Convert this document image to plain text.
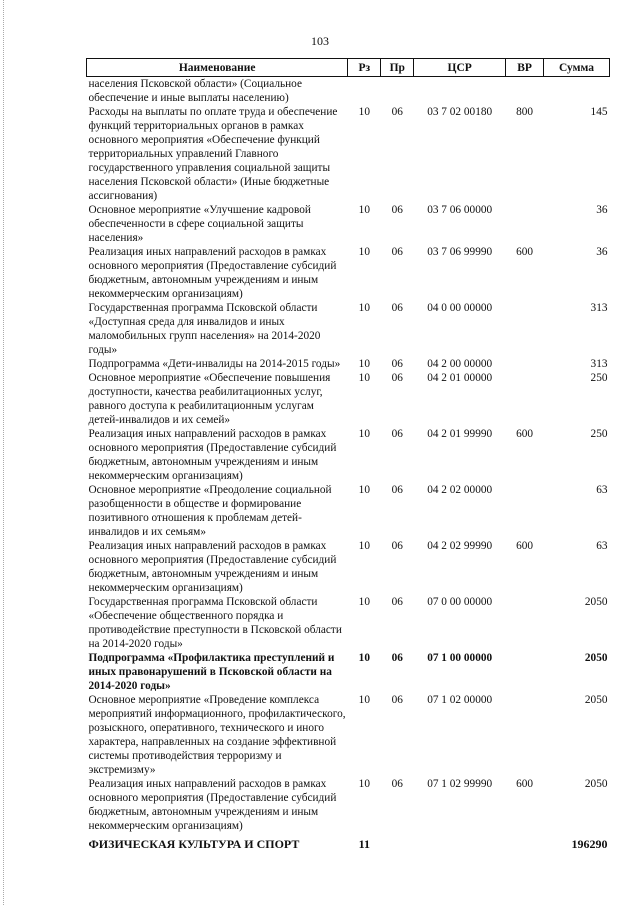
103
Наименование	Рз	Пр	ЦСР	ВР	Сумма
населения Псковской области» (Социальное обеспечение и иные выплаты населению)					
Расходы на выплаты по оплате труда и обеспечение функций территориальных органов в рамках основного мероприятия «Обеспечение функций территориальных управлений Главного государственного управления социальной защиты населения Псковской области» (Иные бюджетные ассигнования)	10	06	03 7 02 00180	800	145
Основное мероприятие «Улучшение кадровой обеспеченности в сфере социальной защиты населения»	10	06	03 7 06 00000		36
Реализация иных направлений расходов в рамках основного мероприятия (Предоставление субсидий бюджетным, автономным учреждениям и иным некоммерческим организациям)	10	06	03 7 06 99990	600	36
Государственная программа Псковской области «Доступная среда для инвалидов и иных маломобильных групп населения» на 2014-2020 годы»	10	06	04 0 00 00000		313
Подпрограмма «Дети-инвалиды на 2014-2015 годы»	10	06	04 2 00 00000		313
Основное мероприятие «Обеспечение повышения доступности, качества реабилитационных услуг, равного доступа к реабилитационным услугам детей-инвалидов и их семей»	10	06	04 2 01 00000		250
Реализация иных направлений расходов в рамках основного мероприятия (Предоставление субсидий бюджетным, автономным учреждениям и иным некоммерческим организациям)	10	06	04 2 01 99990	600	250
Основное мероприятие «Преодоление социальной разобщенности в обществе и формирование позитивного отношения к проблемам детей-инвалидов и их семьям»	10	06	04 2 02 00000		63
Реализация иных направлений расходов в рамках основного мероприятия (Предоставление субсидий бюджетным, автономным учреждениям и иным некоммерческим организациям)	10	06	04 2 02 99990	600	63
Государственная программа Псковской области «Обеспечение общественного порядка и противодействие преступности в Псковской области на 2014-2020 годы»	10	06	07 0 00 00000		2050
Подпрограмма «Профилактика преступлений и иных правонарушений в Псковской области на 2014-2020 годы»	10	06	07 1 00 00000		2050
Основное мероприятие «Проведение комплекса мероприятий информационного, профилактического, розыскного, оперативного, технического и иного характера, направленных на создание эффективной системы противодействия терроризму и экстремизму»	10	06	07 1 02 00000		2050
Реализация иных направлений расходов в рамках основного мероприятия (Предоставление субсидий бюджетным, автономным учреждениям и иным некоммерческим организациям)	10	06	07 1 02 99990	600	2050
ФИЗИЧЕСКАЯ КУЛЬТУРА И СПОРТ	11				196290
